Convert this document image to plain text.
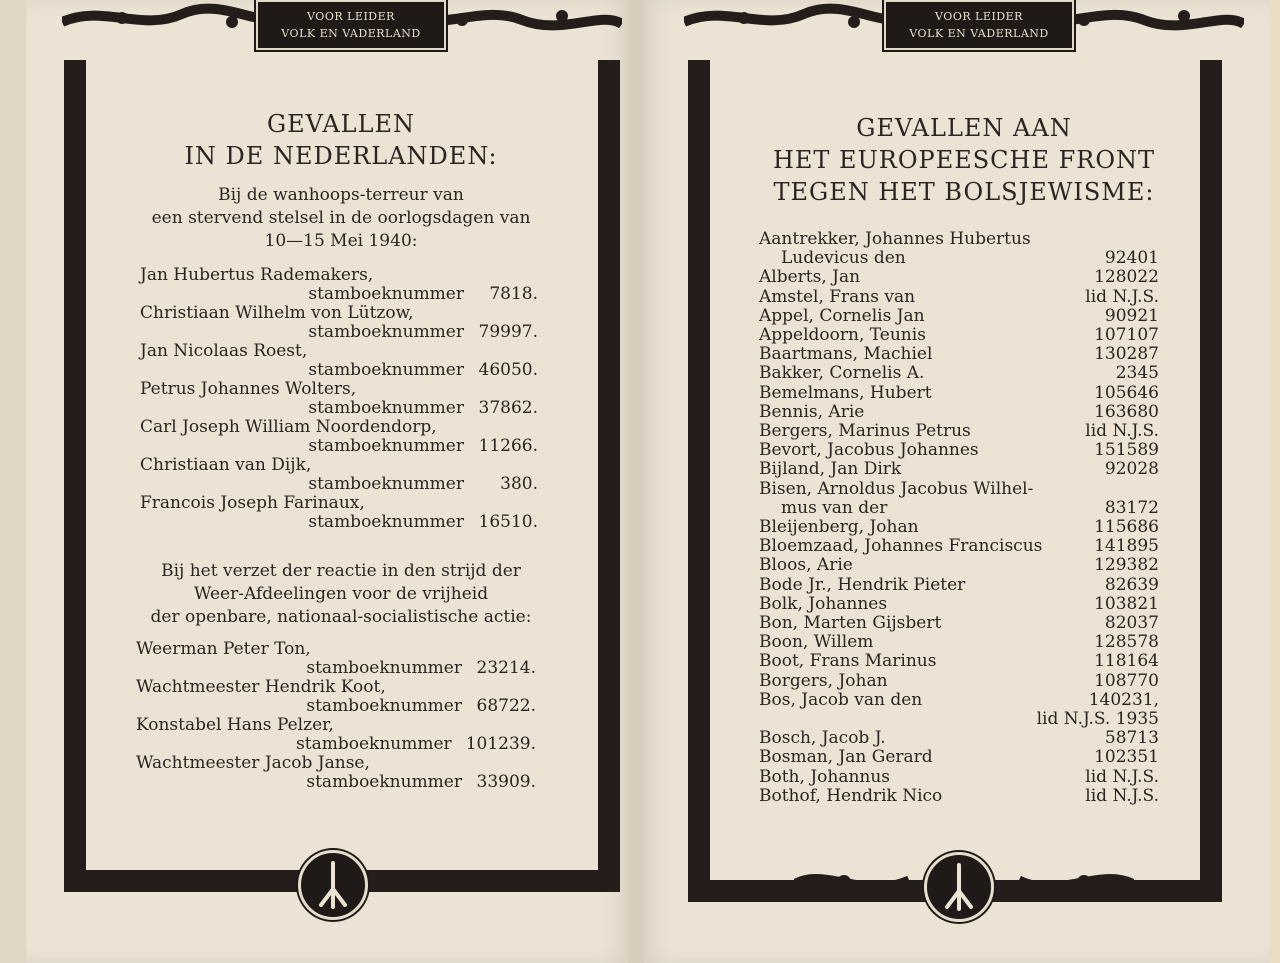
VOOR LEIDER
VOLK EN VADERLAND
GEVALLEN
IN DE NEDERLANDEN:
Bij de wanhoops-terreur van
een stervend stelsel in de oorlogsdagen van
10—15 Mei 1940:
Jan Hubertus Rademakers,
stamboeknummer	7818.
Christiaan Wilhelm von Lützow,
stamboeknummer 79997.
Jan Nicolaas Roest,
stamboeknummer 46050.
Petrus Johannes Wolters,
stamboeknummer 37862.
Carl Joseph William Noordendorp,
stamboeknummer 11266.
Christiaan van Dijk,
stamboeknummer	380.
Francois Joseph Farinaux,
stamboeknummer 16510.
Bij het verzet der reactie in den strijd der
Weer-Afdeelingen voor de vrijheid
der openbare, nationaal-socialistische actie:
Weerman Peter Ton,
stamboeknummer 23214.
Wachtmeester Hendrik Koot,
stamboeknummer 68722.
Konstabel Hans Pelzer,
stamboeknummer 101239.
Wachtmeester Jacob Janse,
stamboeknummer 33909.
VOOR LEIDER
VOLK EN VADERLAND
GEVALLEN AAN
HET EUROPEESCHE FRONT
TEGEN HET BOLSJEWISME:
Aantrekker, Johannes Hubertus
Ludevicus den	92401
Alberts, Jan	128022
Amstel, Frans van	lid N.J.S.
Appel, Cornelis Jan	90921
Appeldoorn, Teunis	107107
Baartmans, Machiel	130287
Bakker, Cornelis A.	2345
Bemelmans, Hubert	105646
Bennis, Arie	163680
Bergers, Marinus Petrus	lid N.J.S.
Bevort, Jacobus Johannes	151589
Bijland, Jan Dirk	92028
Bisen, Arnoldus Jacobus Wilhel-
mus van der	83172
Bleijenberg, Johan	115686
Bloemzaad, Johannes Franciscus	141895
Bloos, Arie	129382
Bode Jr., Hendrik Pieter	82639
Bolk, Johannes	103821
Bon, Marten Gijsbert	82037
Boon, Willem	128578
Boot, Frans Marinus	118164
Borgers, Johan	108770
Bos, Jacob van den	140231,
lid N.J.S. 1935
Bosch, Jacob J.	58713
Bosman, Jan Gerard	102351
Both, Johannus	lid N.J.S.
Bothof, Hendrik Nico	lid N.J.S.
